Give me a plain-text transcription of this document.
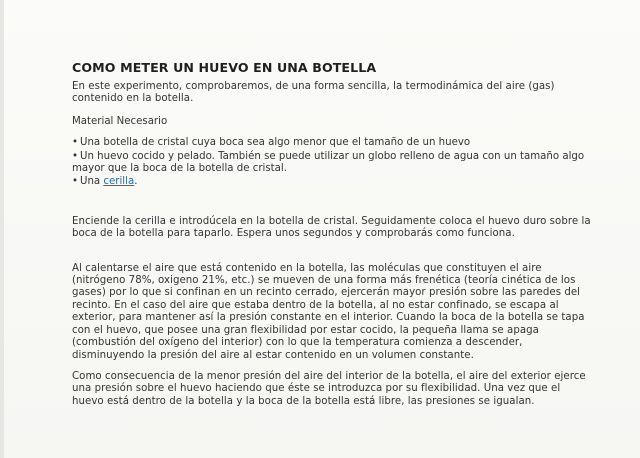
COMO METER UN HUEVO EN UNA BOTELLA

En este experimento, comprobaremos, de una forma sencilla, la termodinámica del aire (gas) contenido en la botella.

Material Necesario

• Una botella de cristal cuya boca sea algo menor que el tamaño de un huevo
• Un huevo cocido y pelado. También se puede utilizar un globo relleno de agua con un tamaño algo mayor que la boca de la botella de cristal.
• Una cerilla.

Enciende la cerilla e introdúcela en la botella de cristal. Seguidamente coloca el huevo duro sobre la boca de la botella para taparlo. Espera unos segundos y comprobarás como funciona.

Al calentarse el aire que está contenido en la botella, las moléculas que constituyen el aire (nitrógeno 78%, oxigeno 21%, etc.) se mueven de una forma más frenética (teoría cinética de los gases) por lo que si confinan en un recinto cerrado, ejercerán mayor presión sobre las paredes del recinto. En el caso del aire que estaba dentro de la botella, al no estar confinado, se escapa al exterior, para mantener así la presión constante en el interior. Cuando la boca de la botella se tapa con el huevo, que posee una gran flexibilidad por estar cocido, la pequeña llama se apaga (combustión del oxígeno del interior) con lo que la temperatura comienza a descender, disminuyendo la presión del aire al estar contenido en un volumen constante.

Como consecuencia de la menor presión del aire del interior de la botella, el aire del exterior ejerce una presión sobre el huevo haciendo que éste se introduzca por su flexibilidad. Una vez que el huevo está dentro de la botella y la boca de la botella está libre, las presiones se igualan.
